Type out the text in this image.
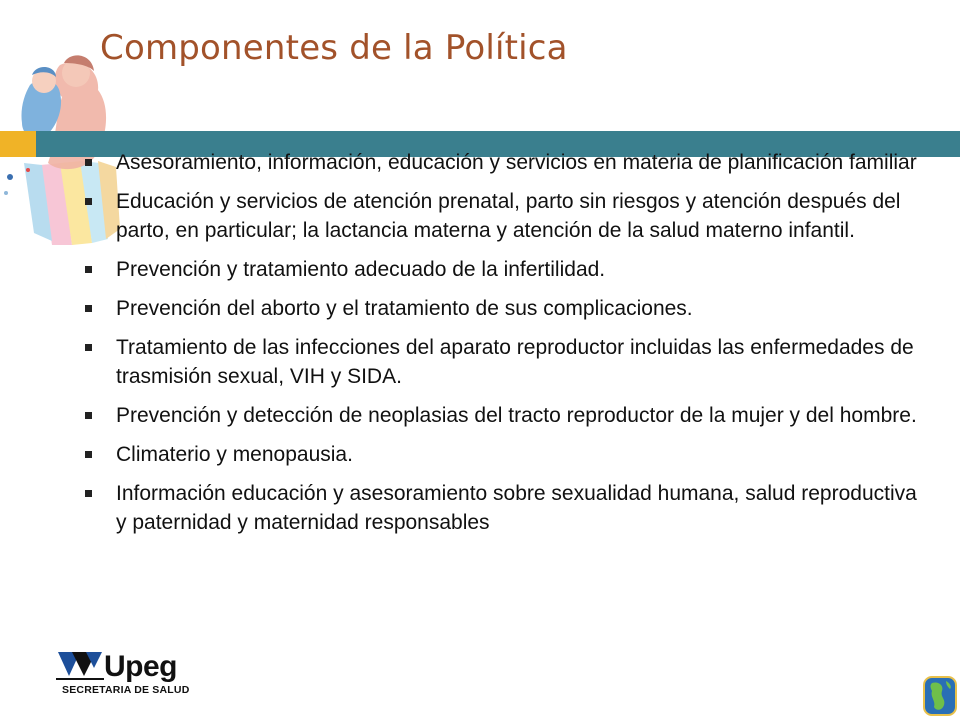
Componentes de la Política
Asesoramiento, información, educación y servicios en materia de planificación familiar
Educación y servicios de atención prenatal, parto sin riesgos y atención después del parto, en particular; la lactancia materna y atención de la salud materno infantil.
Prevención y tratamiento adecuado de la infertilidad.
Prevención del aborto y el tratamiento de sus complicaciones.
Tratamiento de las infecciones del aparato reproductor incluidas las enfermedades de trasmisión sexual, VIH y SIDA.
Prevención y detección de neoplasias del tracto reproductor de la mujer y del hombre.
Climaterio y menopausia.
Información educación y asesoramiento sobre sexualidad humana, salud reproductiva y paternidad y maternidad responsables
Upeg
SECRETARIA DE SALUD
